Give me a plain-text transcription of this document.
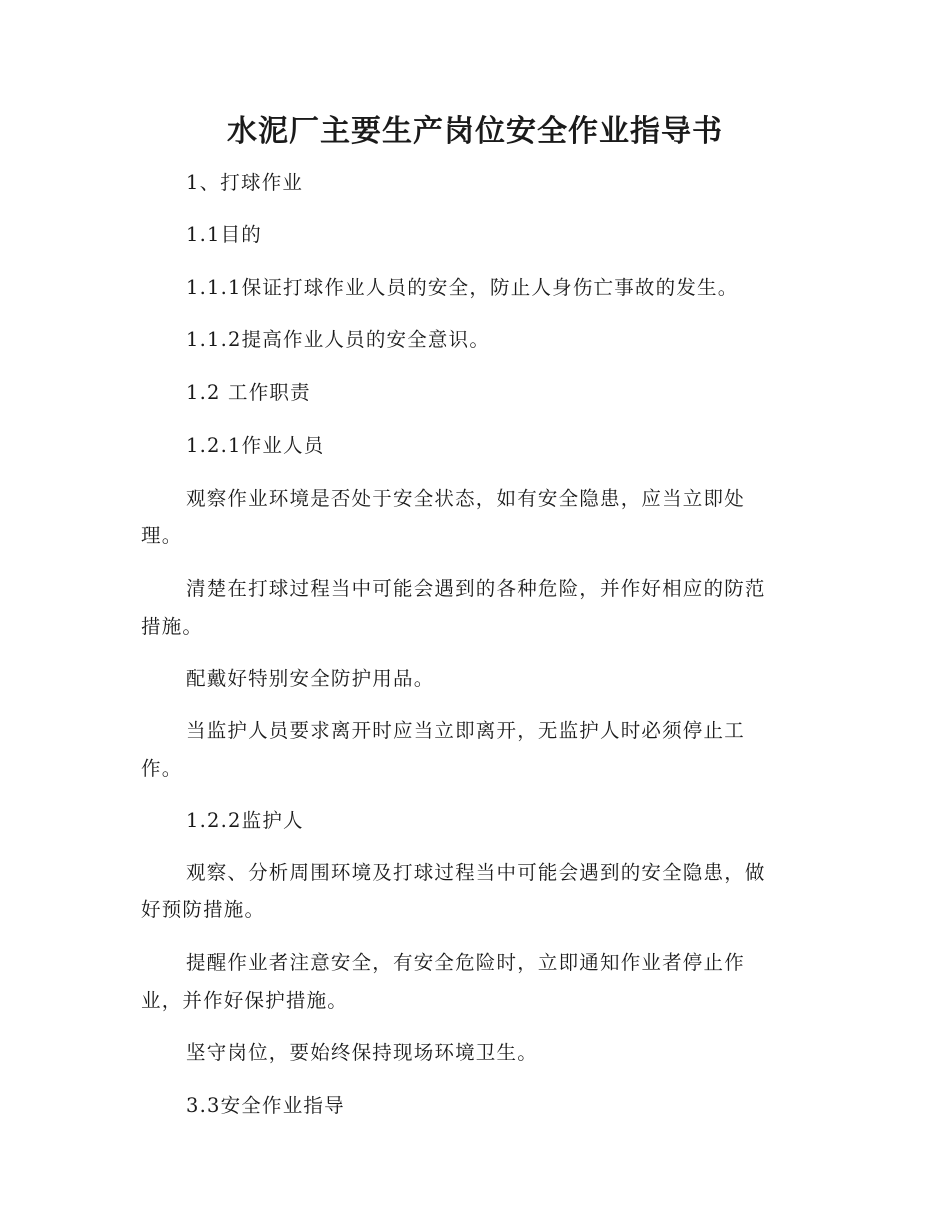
水泥厂主要生产岗位安全作业指导书

1、打球作业

1.1目的

1.1.1保证打球作业人员的安全，防止人身伤亡事故的发生。

1.1.2提高作业人员的安全意识。

1.2 工作职责

1.2.1作业人员

观察作业环境是否处于安全状态，如有安全隐患，应当立即处

理。

清楚在打球过程当中可能会遇到的各种危险，并作好相应的防范

措施。

配戴好特别安全防护用品。

当监护人员要求离开时应当立即离开，无监护人时必须停止工

作。

1.2.2监护人

观察、分析周围环境及打球过程当中可能会遇到的安全隐患，做

好预防措施。

提醒作业者注意安全，有安全危险时，立即通知作业者停止作

业，并作好保护措施。

坚守岗位，要始终保持现场环境卫生。

3.3安全作业指导
